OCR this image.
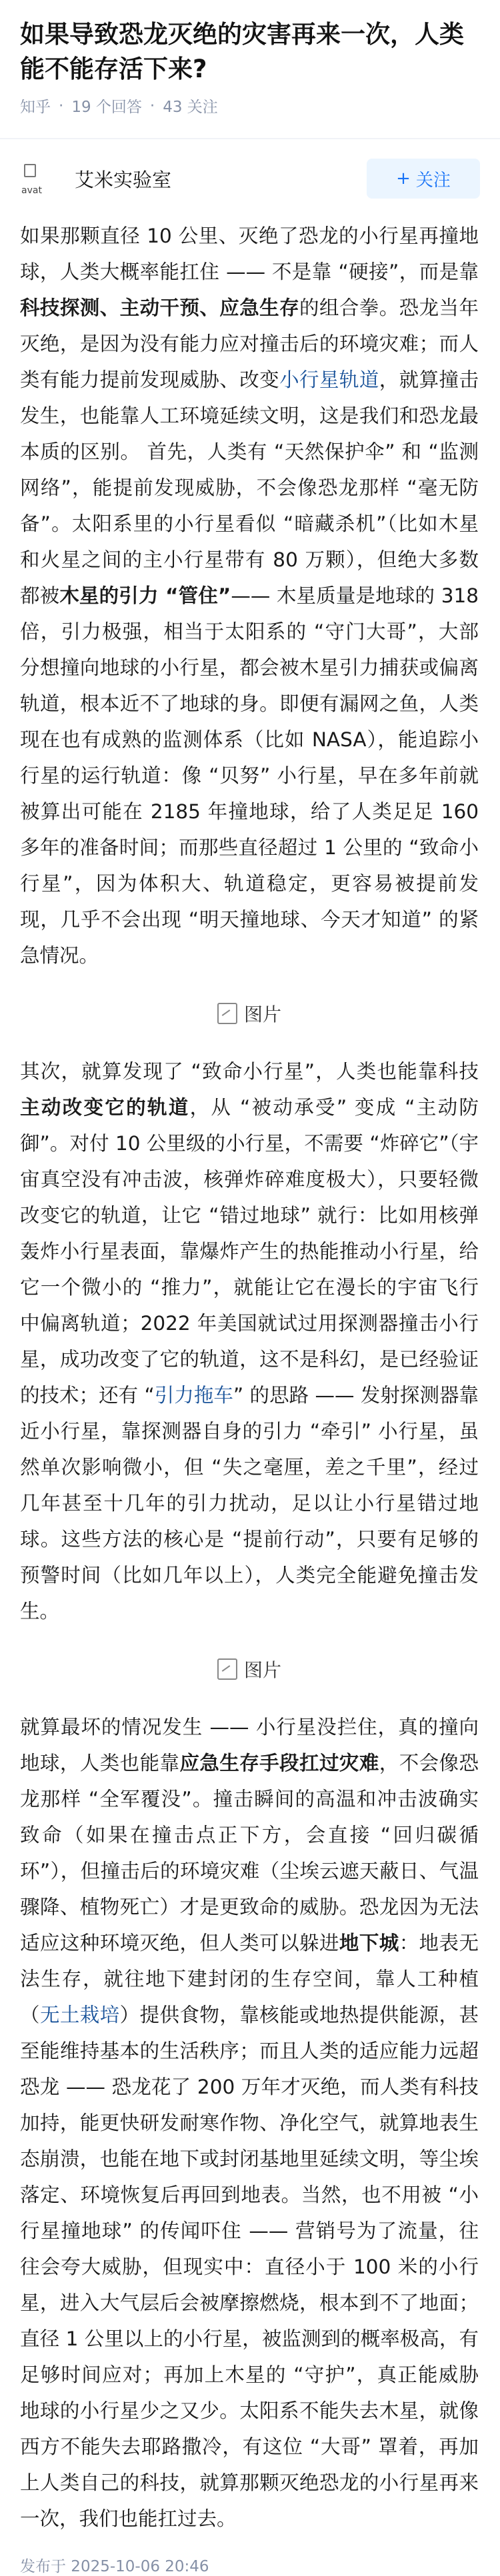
如果导致恐龙灭绝的灾害再来一次，人类能不能存活下来?
知乎 · 19 个回答 · 43 关注
avat 艾米实验室	+ 关注

如果那颗直径 10 公里、灭绝了恐龙的小行星再撞地球，人类大概率能扛住 —— 不是靠 “硬接”，而是靠科技探测、主动干预、应急生存的组合拳。恐龙当年灭绝，是因为没有能力应对撞击后的环境灾难；而人类有能力提前发现威胁、改变小行星轨道，就算撞击发生，也能靠人工环境延续文明，这是我们和恐龙最本质的区别。 首先，人类有 “天然保护伞” 和 “监测网络”，能提前发现威胁，不会像恐龙那样 “毫无防备”。太阳系里的小行星看似 “暗藏杀机”（比如木星和火星之间的主小行星带有 80 万颗），但绝大多数都被木星的引力 “管住”—— 木星质量是地球的 318 倍，引力极强，相当于太阳系的 “守门大哥”，大部分想撞向地球的小行星，都会被木星引力捕获或偏离轨道，根本近不了地球的身。即便有漏网之鱼，人类现在也有成熟的监测体系（比如 NASA），能追踪小行星的运行轨道：像 “贝努” 小行星，早在多年前就被算出可能在 2185 年撞地球，给了人类足足 160 多年的准备时间；而那些直径超过 1 公里的 “致命小行星”，因为体积大、轨道稳定，更容易被提前发现，几乎不会出现 “明天撞地球、今天才知道” 的紧急情况。

图片

其次，就算发现了 “致命小行星”，人类也能靠科技主动改变它的轨道，从 “被动承受” 变成 “主动防御”。对付 10 公里级的小行星，不需要 “炸碎它”（宇宙真空没有冲击波，核弹炸碎难度极大），只要轻微改变它的轨道，让它 “错过地球” 就行：比如用核弹轰炸小行星表面，靠爆炸产生的热能推动小行星，给它一个微小的 “推力”，就能让它在漫长的宇宙飞行中偏离轨道；2022 年美国就试过用探测器撞击小行星，成功改变了它的轨道，这不是科幻，是已经验证的技术；还有 “引力拖车” 的思路 —— 发射探测器靠近小行星，靠探测器自身的引力 “牵引” 小行星，虽然单次影响微小，但 “失之毫厘，差之千里”，经过几年甚至十几年的引力扰动，足以让小行星错过地球。这些方法的核心是 “提前行动”，只要有足够的预警时间（比如几年以上），人类完全能避免撞击发生。

图片

就算最坏的情况发生 —— 小行星没拦住，真的撞向地球，人类也能靠应急生存手段扛过灾难，不会像恐龙那样 “全军覆没”。撞击瞬间的高温和冲击波确实致命（如果在撞击点正下方，会直接 “回归碳循环”），但撞击后的环境灾难（尘埃云遮天蔽日、气温骤降、植物死亡）才是更致命的威胁。恐龙因为无法适应这种环境灭绝，但人类可以躲进地下城：地表无法生存，就往地下建封闭的生存空间，靠人工种植（无土栽培）提供食物，靠核能或地热提供能源，甚至能维持基本的生活秩序；而且人类的适应能力远超恐龙 —— 恐龙花了 200 万年才灭绝，而人类有科技加持，能更快研发耐寒作物、净化空气，就算地表生态崩溃，也能在地下或封闭基地里延续文明，等尘埃落定、环境恢复后再回到地表。当然，也不用被 “小行星撞地球” 的传闻吓住 —— 营销号为了流量，往往会夸大威胁，但现实中：直径小于 100 米的小行星，进入大气层后会被摩擦燃烧，根本到不了地面；直径 1 公里以上的小行星，被监测到的概率极高，有足够时间应对；再加上木星的 “守护”，真正能威胁地球的小行星少之又少。太阳系不能失去木星，就像西方不能失去耶路撒冷，有这位 “大哥” 罩着，再加上人类自己的科技，就算那颗灭绝恐龙的小行星再来一次，我们也能扛过去。

发布于 2025-10-06 20:46
